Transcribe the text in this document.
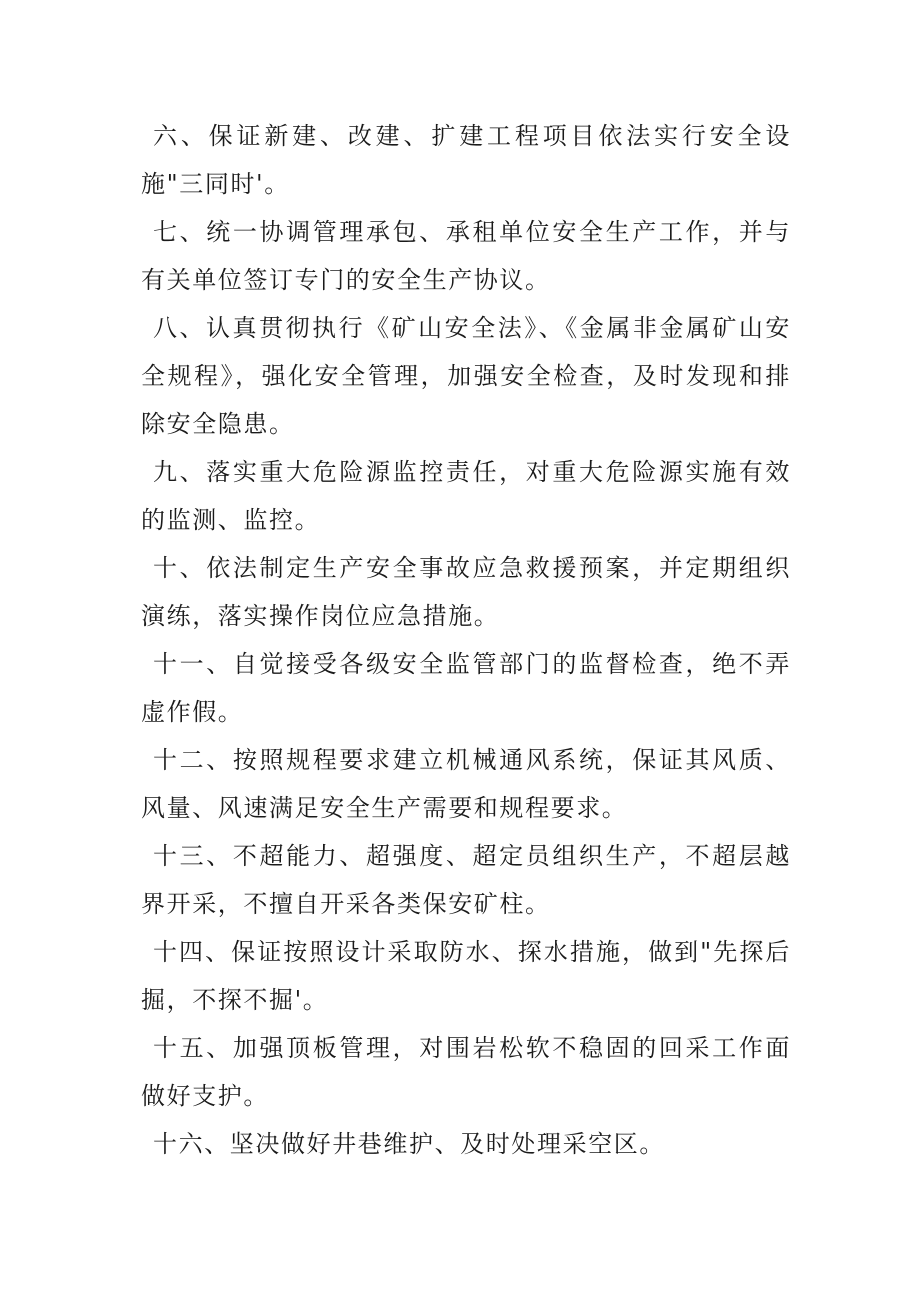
六、保证新建、改建、扩建工程项目依法实行安全设施"三同时'。

七、统一协调管理承包、承租单位安全生产工作，并与有关单位签订专门的安全生产协议。

八、认真贯彻执行《矿山安全法》、《金属非金属矿山安全规程》，强化安全管理，加强安全检查，及时发现和排除安全隐患。

九、落实重大危险源监控责任，对重大危险源实施有效的监测、监控。

十、依法制定生产安全事故应急救援预案，并定期组织演练，落实操作岗位应急措施。

十一、自觉接受各级安全监管部门的监督检查，绝不弄虚作假。

十二、按照规程要求建立机械通风系统，保证其风质、风量、风速满足安全生产需要和规程要求。

十三、不超能力、超强度、超定员组织生产，不超层越界开采，不擅自开采各类保安矿柱。

十四、保证按照设计采取防水、探水措施，做到"先探后掘，不探不掘'。

十五、加强顶板管理，对围岩松软不稳固的回采工作面做好支护。

十六、坚决做好井巷维护、及时处理采空区。
